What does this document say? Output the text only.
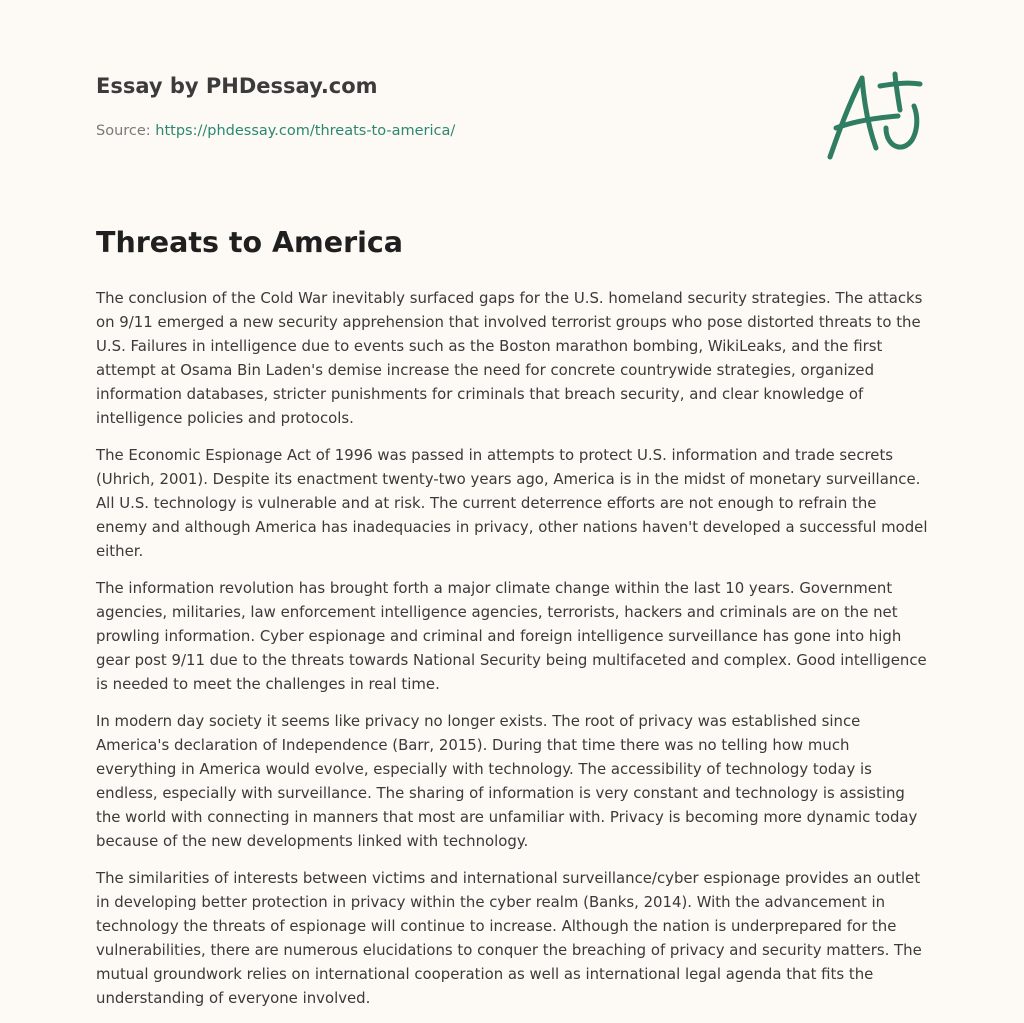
Essay by PHDessay.com
Source: https://phdessay.com/threats-to-america/
Threats to America

The conclusion of the Cold War inevitably surfaced gaps for the U.S. homeland security strategies. The attacks on 9/11 emerged a new security apprehension that involved terrorist groups who pose distorted threats to the U.S. Failures in intelligence due to events such as the Boston marathon bombing, WikiLeaks, and the first attempt at Osama Bin Laden's demise increase the need for concrete countrywide strategies, organized information databases, stricter punishments for criminals that breach security, and clear knowledge of intelligence policies and protocols.

The Economic Espionage Act of 1996 was passed in attempts to protect U.S. information and trade secrets (Uhrich, 2001). Despite its enactment twenty-two years ago, America is in the midst of monetary surveillance. All U.S. technology is vulnerable and at risk. The current deterrence efforts are not enough to refrain the enemy and although America has inadequacies in privacy, other nations haven't developed a successful model either.

The information revolution has brought forth a major climate change within the last 10 years. Government agencies, militaries, law enforcement intelligence agencies, terrorists, hackers and criminals are on the net prowling information. Cyber espionage and criminal and foreign intelligence surveillance has gone into high gear post 9/11 due to the threats towards National Security being multifaceted and complex. Good intelligence is needed to meet the challenges in real time.

In modern day society it seems like privacy no longer exists. The root of privacy was established since America's declaration of Independence (Barr, 2015). During that time there was no telling how much everything in America would evolve, especially with technology. The accessibility of technology today is endless, especially with surveillance. The sharing of information is very constant and technology is assisting the world with connecting in manners that most are unfamiliar with. Privacy is becoming more dynamic today because of the new developments linked with technology.

The similarities of interests between victims and international surveillance/cyber espionage provides an outlet in developing better protection in privacy within the cyber realm (Banks, 2014). With the advancement in technology the threats of espionage will continue to increase. Although the nation is underprepared for the vulnerabilities, there are numerous elucidations to conquer the breaching of privacy and security matters. The mutual groundwork relies on international cooperation as well as international legal agenda that fits the understanding of everyone involved.
